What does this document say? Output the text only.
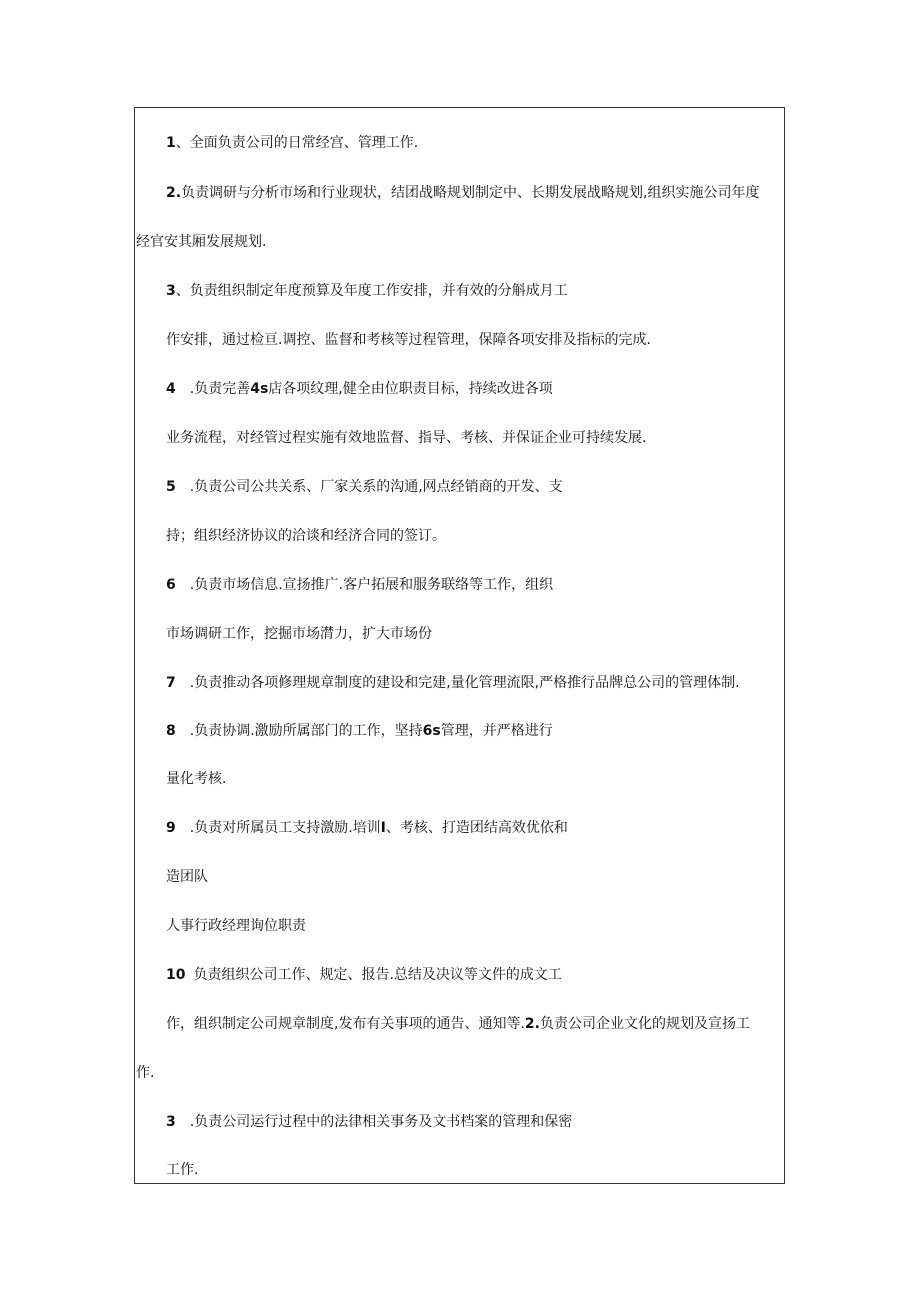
1、全面负责公司的日常经宫、管理工作.
2.负责调研与分析市场和行业现状，结团战略规划制定中、长期发展战略规划,组织实施公司年度
经官安其厢发展规划.
3、负责组织制定年度预算及年度工作安排，并有效的分斛成月工
作安排，通过检亘.调控、监督和考核等过程管理，保障各项安排及指标的完成.
4 .负责完善4s店各项纹理,健全由位职责目标，持续改进各项
业务流程，对经管过程实施有效地监督、指导、考核、并保证企业可持续发展.
5 .负责公司公共关系、厂家关系的沟通,网点经销商的开发、支
持；组织经济协议的洽谈和经济合同的签订。
6 .负责市场信息.宣扬推广.客户拓展和服务联络等工作，组织
市场调研工作，挖掘市场潸力，扩大市场份
7 .负责推动各项修理规章制度的建设和完建,量化管理流限,严格推行品牌总公司的管理体制.
8 .负责协调.激励所属部门的工作，坚持6s管理，并严格进行
量化考核.
9 .负责对所属员工支持激励.培训I、考核、打造团结高效优依和
造团队
人事行政经理询位职责
10 负责组织公司工作、规定、报告.总结及决议等文件的成文工
作，组织制定公司规章制度,发布有关事项的通告、通知等.2.负责公司企业文化的规划及宣扬工
作.
3 .负责公司运行过程中的法律相关事务及文书档案的管理和保密
工作.
